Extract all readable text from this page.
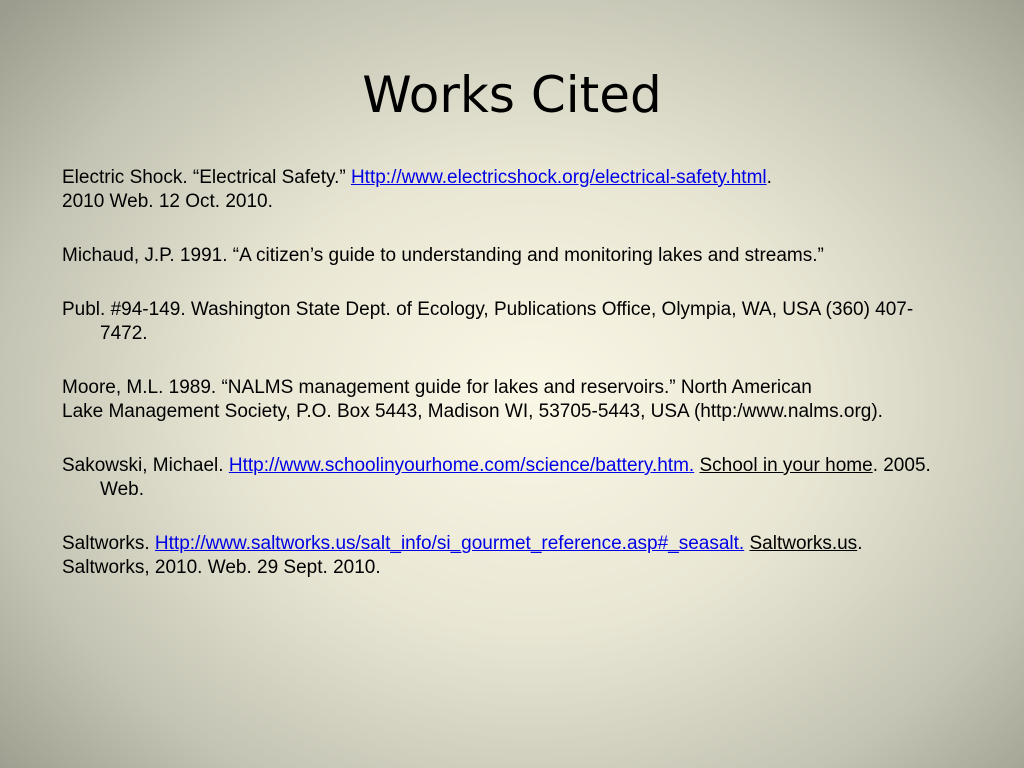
Works Cited
Electric Shock. “Electrical Safety.” Http://www.electricshock.org/electrical-safety.html.
2010 Web. 12 Oct. 2010.
Michaud, J.P. 1991. “A citizen’s guide to understanding and monitoring lakes and streams.”
Publ. #94-149. Washington State Dept. of Ecology, Publications Office, Olympia, WA, USA (360) 407-7472.
Moore, M.L. 1989. “NALMS management guide for lakes and reservoirs.” North American
Lake Management Society, P.O. Box 5443, Madison WI, 53705-5443, USA (http:/www.nalms.org).
Sakowski, Michael. Http://www.schoolinyourhome.com/science/battery.htm. School in your home. 2005. Web.
Saltworks. Http://www.saltworks.us/salt_info/si_gourmet_reference.asp#_seasalt. Saltworks.us.
Saltworks, 2010. Web. 29 Sept. 2010.
